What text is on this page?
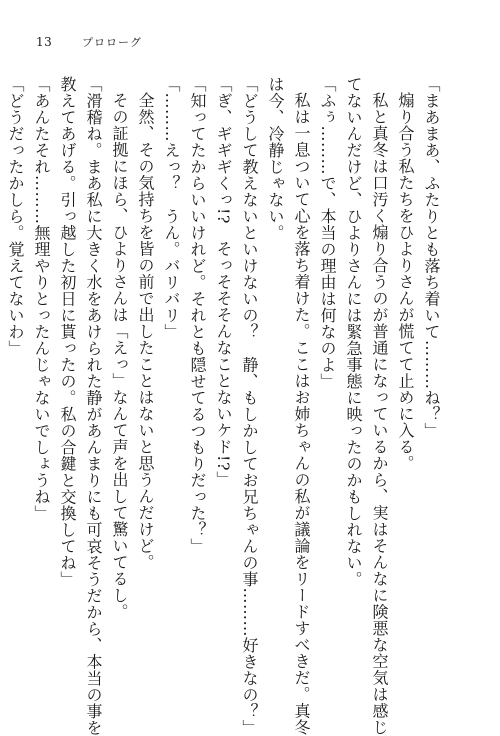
13	プロローグ
「まあまあ、ふたりとも落ち着いて………ね？」
煽り合う私たちをひよりさんが慌てて止めに入る。
私と真冬は口汚く煽り合うのが普通になっているから、実はそんなに険悪な空気は感じ
てないんだけど、ひよりさんには緊急事態に映ったのかもしれない。
「ふぅ………で、本当の理由は何なのよ」
私は一息ついて心を落ち着けた。ここはお姉ちゃんの私が議論をリードすべきだ。真冬
は今、冷静じゃない。
「どうして教えないといけないの？　静、もしかしてお兄ちゃんの事………好きなの？」
「ぎ、ギギギくっ!?　そっそそそんなことないケド!?」
「知ってたからいいけれど。それとも隠せてるつもりだった？」
「………えっ？　うん。バリバリ」
全然、その気持ちを皆の前で出したことはないと思うんだけど。
その証拠にほら、ひよりさんは「えっ」なんて声を出して驚いてるし。
「滑稽ね。まあ私に大きく水をあけられた静があんまりにも可哀そうだから、本当の事を
教えてあげる。引っ越した初日に貰ったの。私の合鍵と交換してね」
「あんたそれ………無理やりとったんじゃないでしょうね」
「どうだったかしら。覚えてないわ」
